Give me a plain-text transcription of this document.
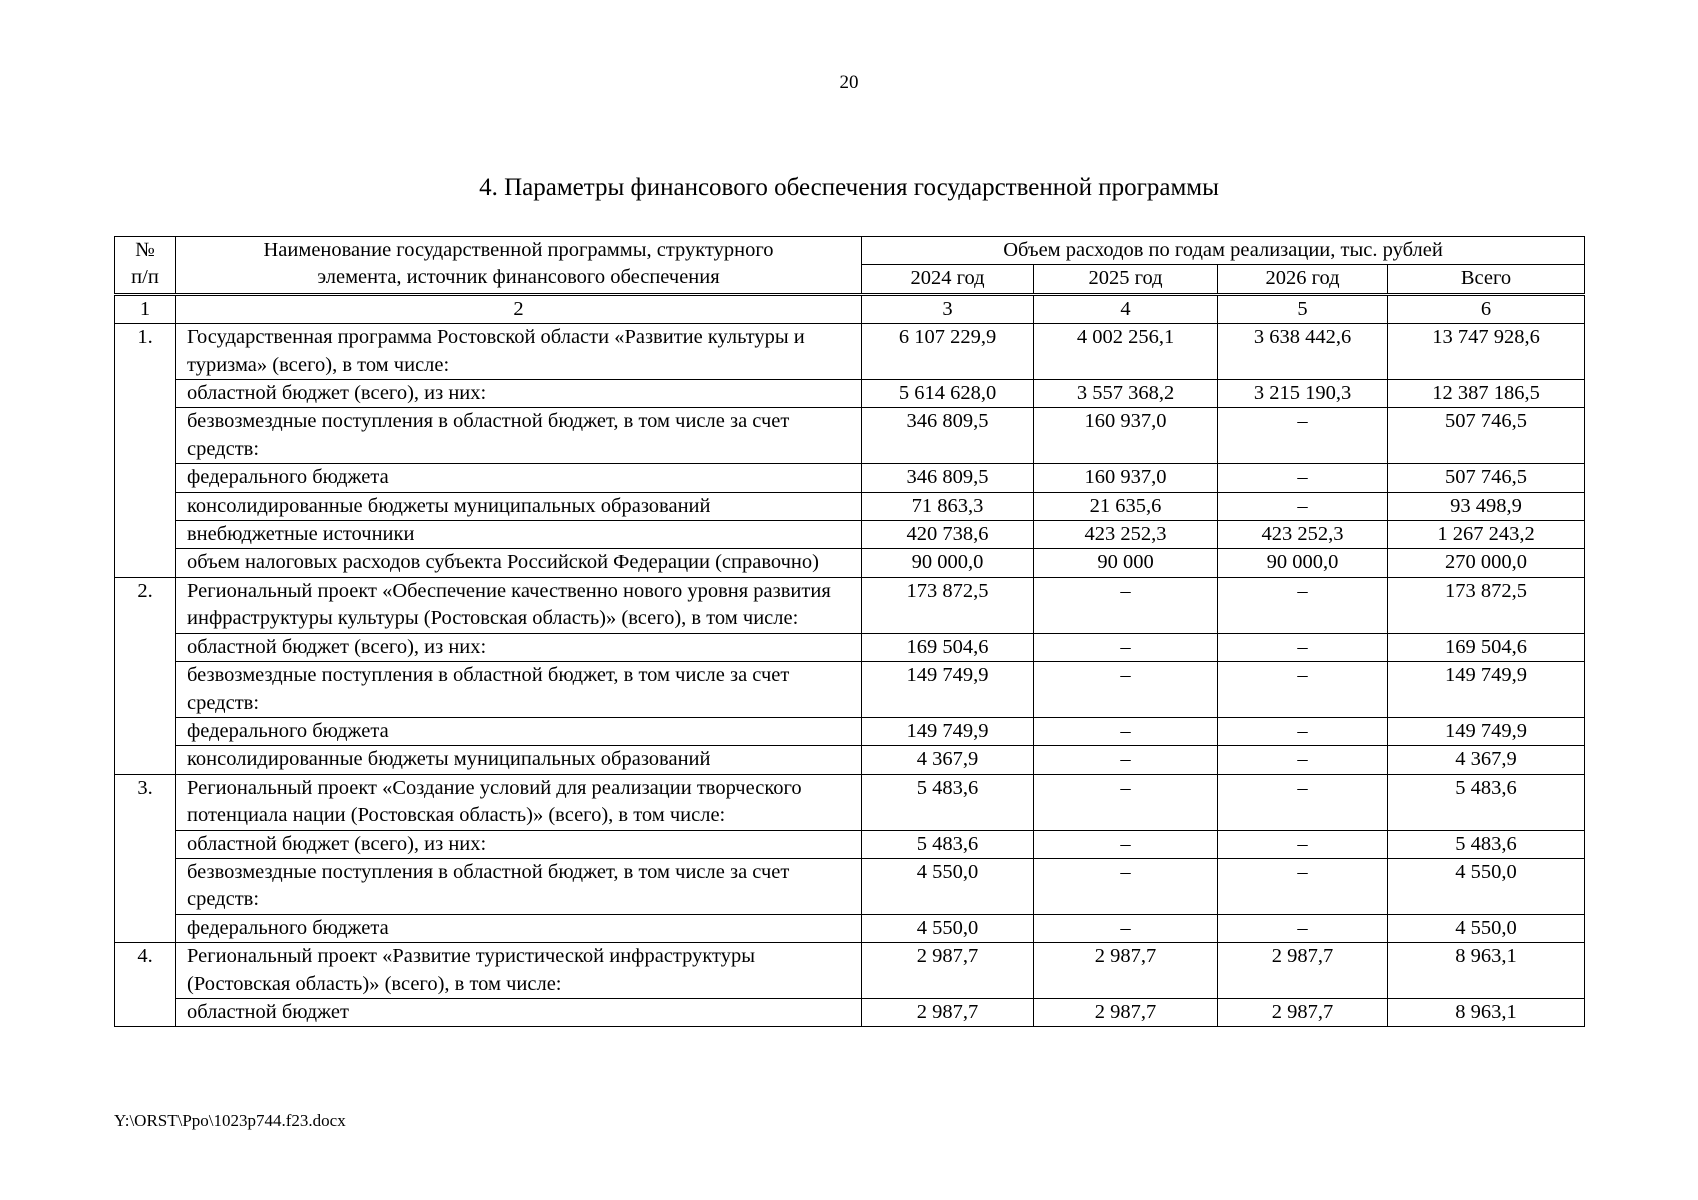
20
4. Параметры финансового обеспечения государственной программы
№ п/п	Наименование государственной программы, структурного элемента, источник финансового обеспечения	Объем расходов по годам реализации, тыс. рублей			
		2024 год	2025 год	2026 год	Всего
1	2	3	4	5	6
1.	Государственная программа Ростовской области «Развитие культуры и туризма» (всего), в том числе:	6 107 229,9	4 002 256,1	3 638 442,6	13 747 928,6
	областной бюджет (всего), из них:	5 614 628,0	3 557 368,2	3 215 190,3	12 387 186,5
	безвозмездные поступления в областной бюджет, в том числе за счет средств:	346 809,5	160 937,0	–	507 746,5
	федерального бюджета	346 809,5	160 937,0	–	507 746,5
	консолидированные бюджеты муниципальных образований	71 863,3	21 635,6	–	93 498,9
	внебюджетные источники	420 738,6	423 252,3	423 252,3	1 267 243,2
	объем налоговых расходов субъекта Российской Федерации (справочно)	90 000,0	90 000	90 000,0	270 000,0
2.	Региональный проект «Обеспечение качественно нового уровня развития инфраструктуры культуры (Ростовская область)» (всего), в том числе:	173 872,5	–	–	173 872,5
	областной бюджет (всего), из них:	169 504,6	–	–	169 504,6
	безвозмездные поступления в областной бюджет, в том числе за счет средств:	149 749,9	–	–	149 749,9
	федерального бюджета	149 749,9	–	–	149 749,9
	консолидированные бюджеты муниципальных образований	4 367,9	–	–	4 367,9
3.	Региональный проект «Создание условий для реализации творческого потенциала нации (Ростовская область)» (всего), в том числе:	5 483,6	–	–	5 483,6
	областной бюджет (всего), из них:	5 483,6	–	–	5 483,6
	безвозмездные поступления в областной бюджет, в том числе за счет средств:	4 550,0	–	–	4 550,0
	федерального бюджета	4 550,0	–	–	4 550,0
4.	Региональный проект «Развитие туристической инфраструктуры (Ростовская область)» (всего), в том числе:	2 987,7	2 987,7	2 987,7	8 963,1
	областной бюджет	2 987,7	2 987,7	2 987,7	8 963,1
Y:\ORST\Ppo\1023p744.f23.docx
